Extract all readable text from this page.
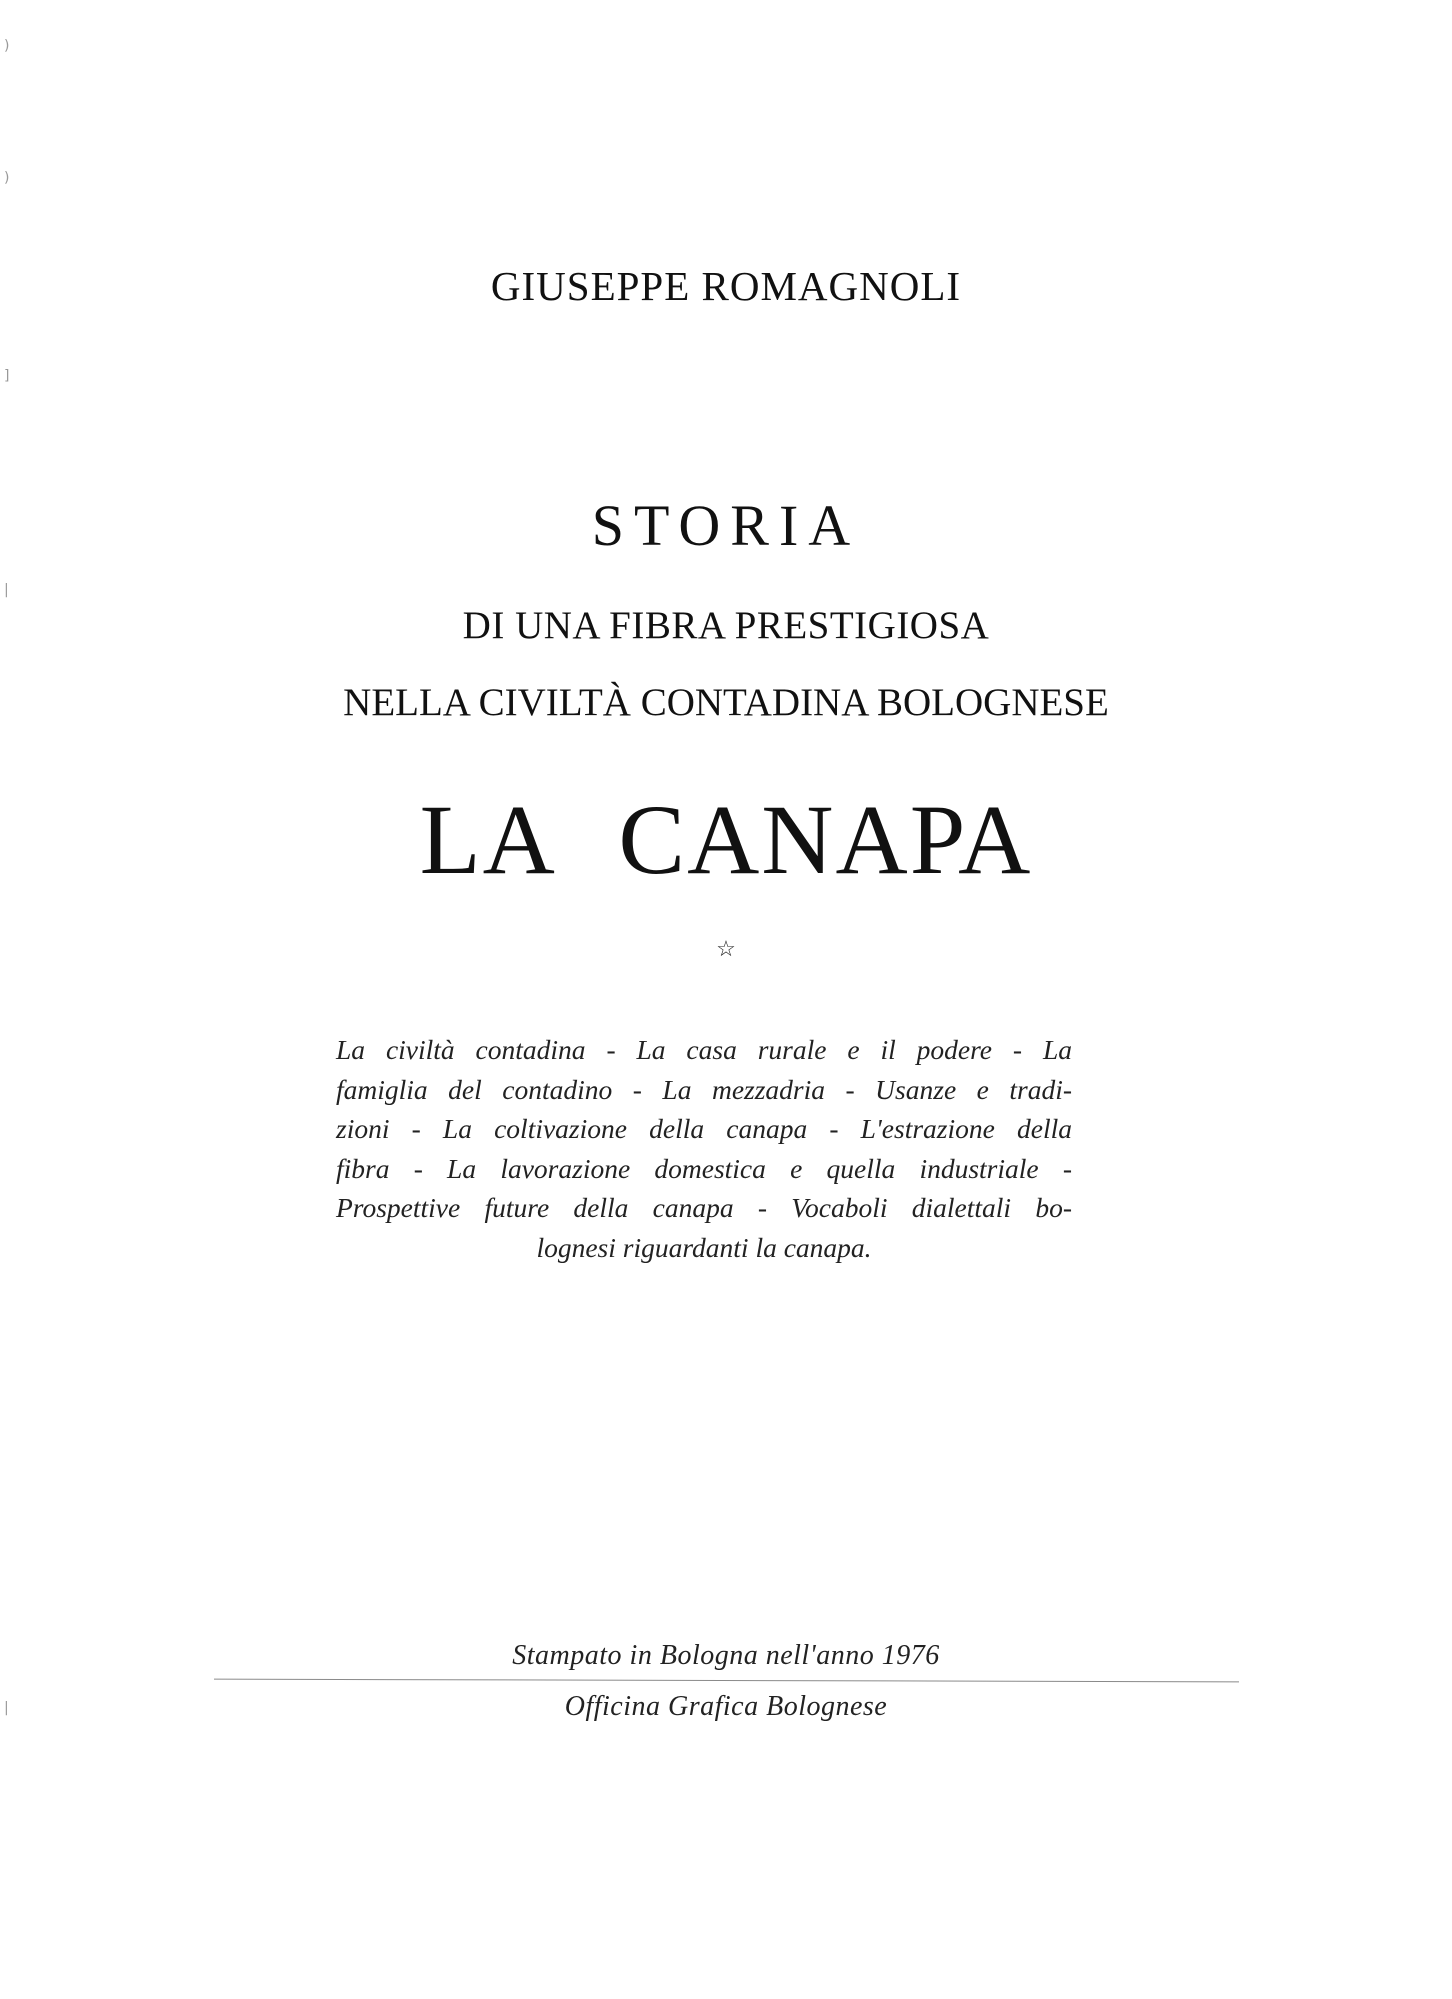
)
)
]
|
|
GIUSEPPE ROMAGNOLI
STORIA
DI UNA FIBRA PRESTIGIOSA
NELLA CIVILTÀ CONTADINA BOLOGNESE
LA CANAPA
☆
La civiltà contadina - La casa rurale e il podere - La
famiglia del contadino - La mezzadria - Usanze e tradi-
zioni - La coltivazione della canapa - L'estrazione della
fibra - La lavorazione domestica e quella industriale -
Prospettive future della canapa - Vocaboli dialettali bo-
lognesi riguardanti la canapa.
Stampato in Bologna nell'anno 1976
Officina Grafica Bolognese
